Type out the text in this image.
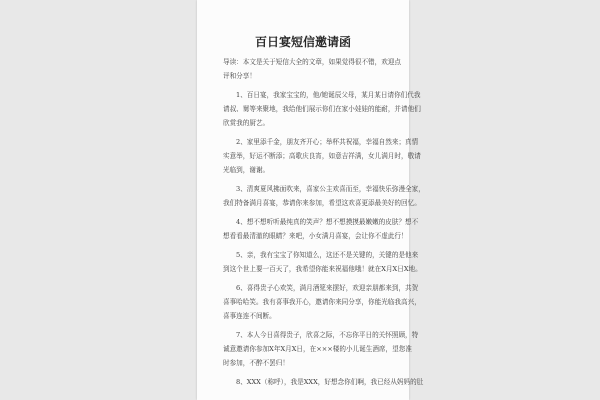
百日宴短信邀请函
导读：本文是关于短信大全的文章，如果觉得很不错，欢迎点
评和分享！
1、百日宴，我家宝宝的，他/她诞辰父母，某月某日请你们代我
请叔、舅等来聚地，我给他们展示你们在家小娃娃的能耐，并请他们
欣赏我的厨艺。
2、家里添千金，朋友齐开心；举杯共祝福，幸福自然来；真情
实意举，好运不断添；高歌庆良宵，如意吉祥满，女儿满月时，敬请
光临到，谢谢。
3、清爽夏风拂面吹来，喜家公主欢喜而至，幸福快乐弥漫全家，
我们特备满月喜宴，恭请你来参加，希望这欢喜更添最美好的回忆。
4、想不想听听最纯真的笑声？想不想摸摸最嫩嫩的皮肤？想不
想看看最清澈的眼睛？来吧，小女满月喜宴，会让你不虚此行！
5、亲，我有宝宝了你知道么，这还不是关键的，关键的是他来
到这个世上要一百天了，我希望你能来祝福他哦！就在X月X日X地。
6、喜得贵子心欢笑，满月酒筵来摆好，欢迎亲朋都来到，共贺
喜事哈哈笑。我有喜事我开心，邀请你来同分享，你能光临我高兴，
喜事连连不间断。
7、本人今日喜得贵子，欣喜之际，不忘你平日的关怀照顾，特
诚意邀请你参加X年X月X日，在×××楼的小儿诞生酒席，望您准
时参加，不醉不罢归！
8、XXX（称呼），我是XXX，好想念你们啊，我已经从妈妈的肚
